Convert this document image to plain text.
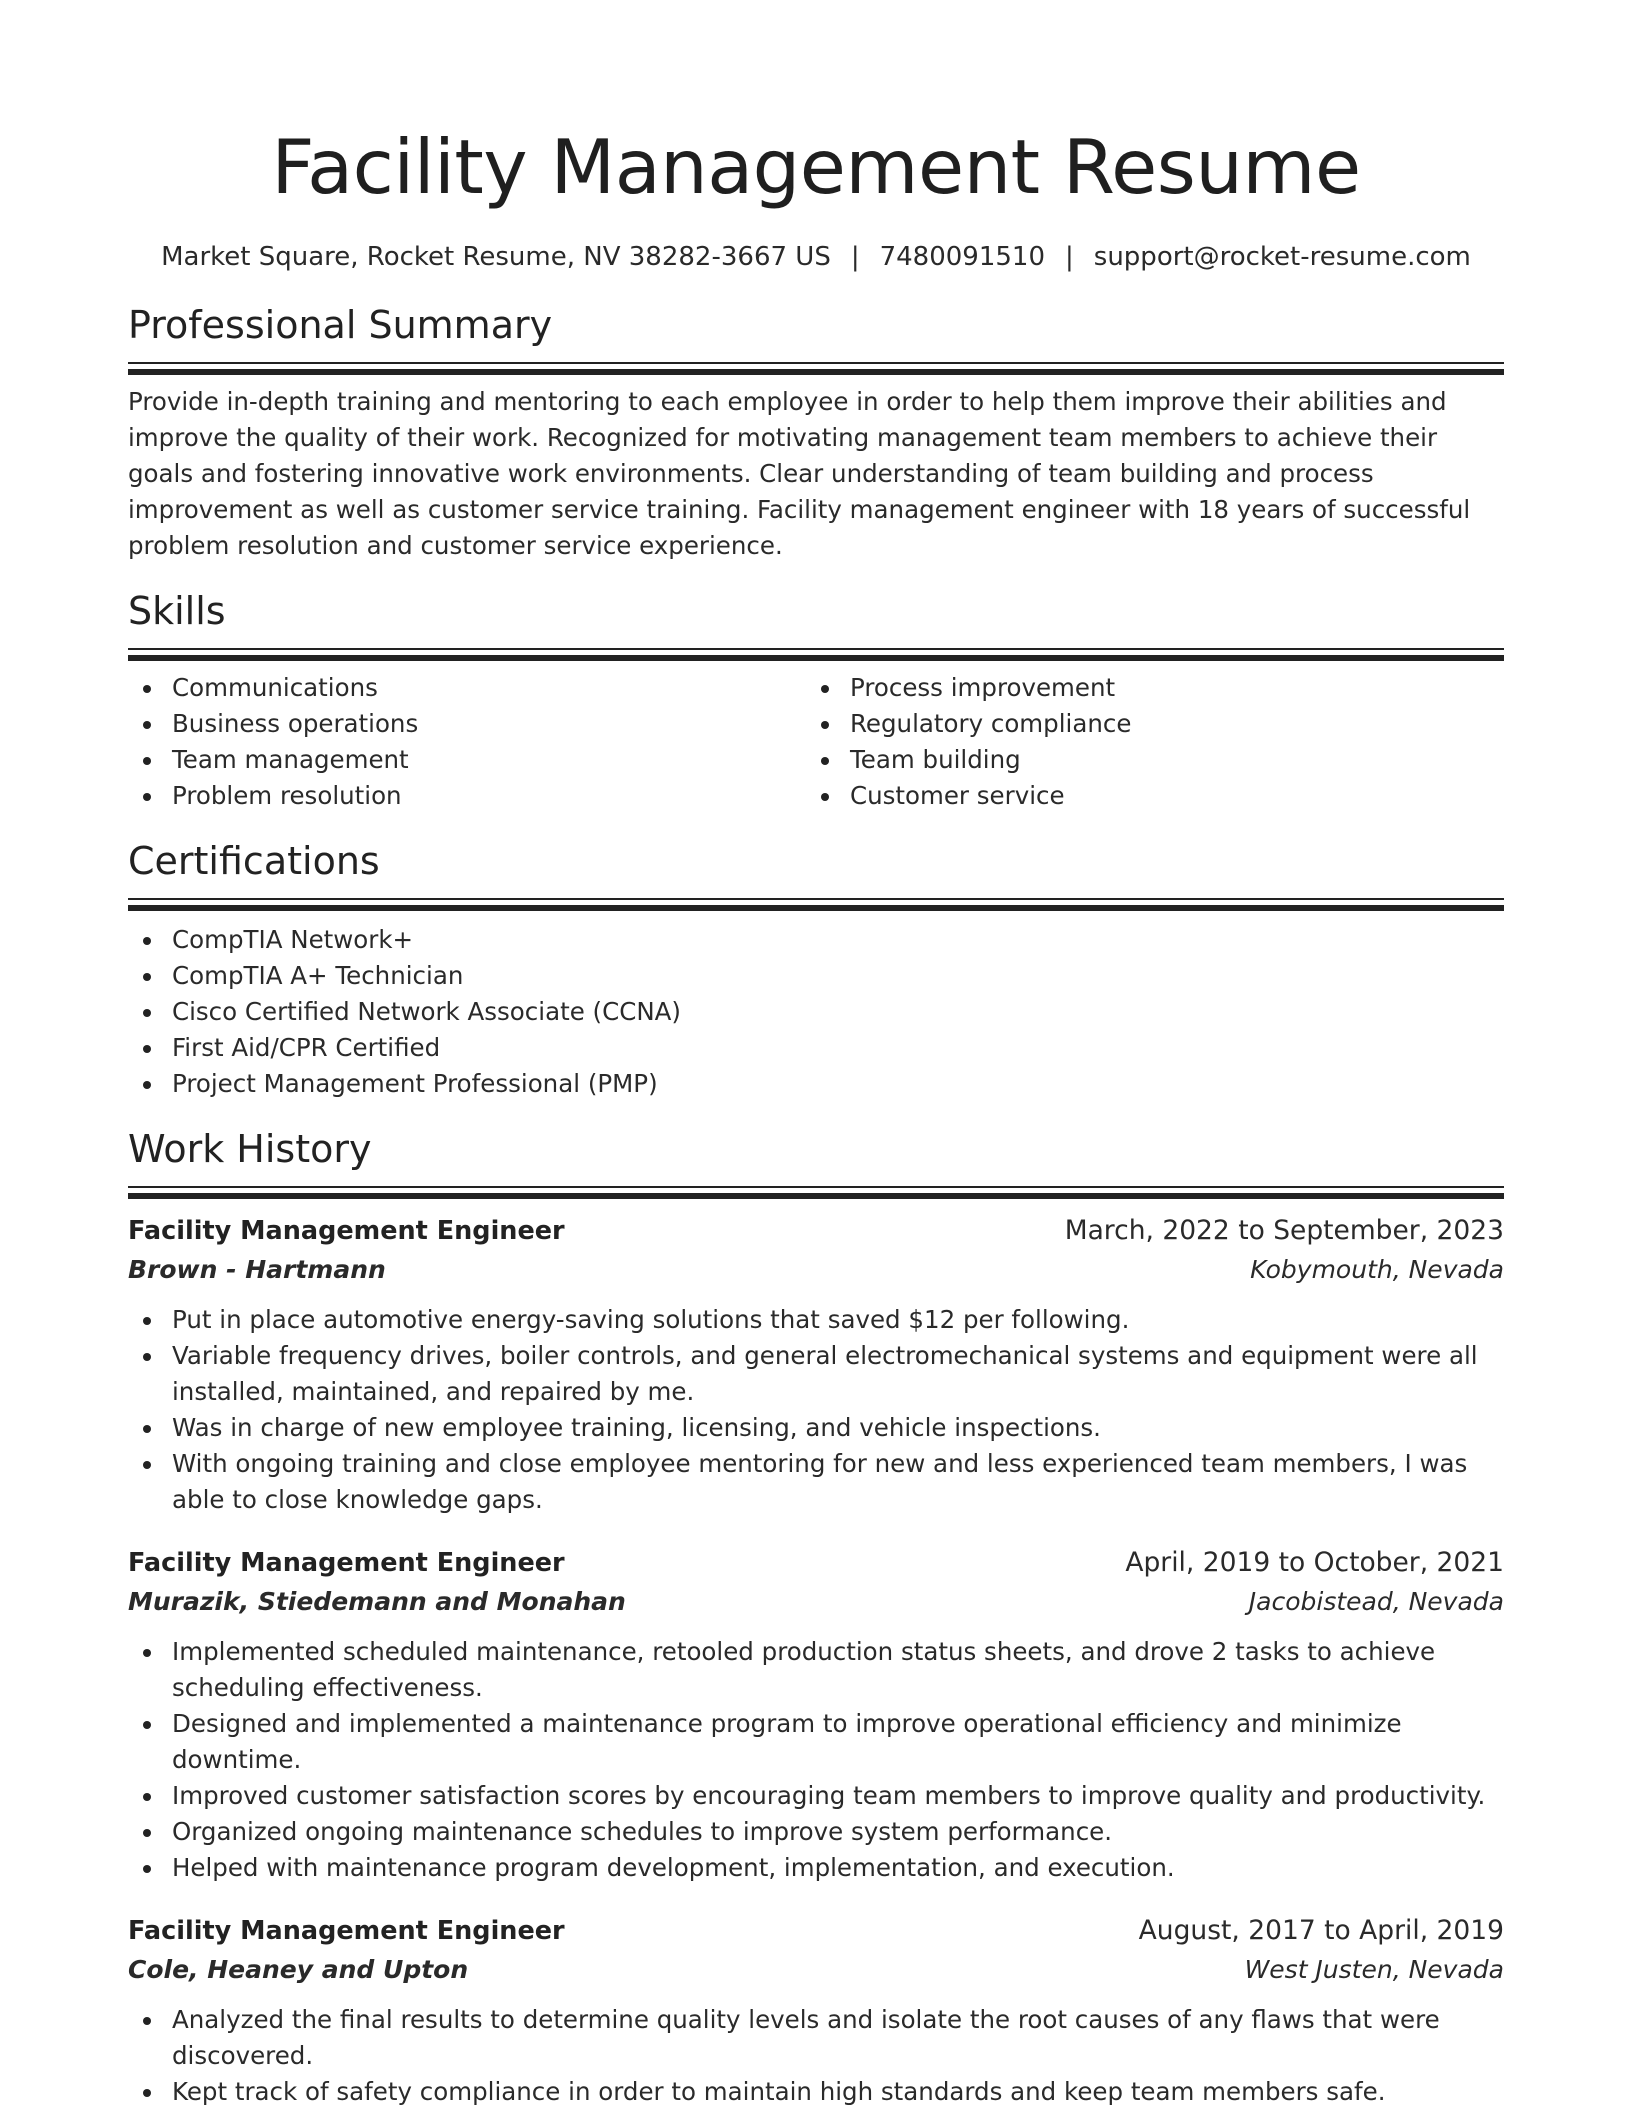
Facility Management Resume
Market Square, Rocket Resume, NV 38282-3667 US | 7480091510 | support@rocket-resume.com
Professional Summary

Provide in-depth training and mentoring to each employee in order to help them improve their abilities and improve the quality of their work. Recognized for motivating management team members to achieve their goals and fostering innovative work environments. Clear understanding of team building and process improvement as well as customer service training. Facility management engineer with 18 years of successful problem resolution and customer service experience.

Skills
Communications
Business operations
Team management
Problem resolution
Process improvement
Regulatory compliance
Team building
Customer service
Certifications
CompTIA Network+
CompTIA A+ Technician
Cisco Certified Network Associate (CCNA)
First Aid/CPR Certified
Project Management Professional (PMP)
Work History
Facility Management Engineer	March, 2022 to September, 2023
Brown - Hartmann	Kobymouth, Nevada
Put in place automotive energy-saving solutions that saved $12 per following.
Variable frequency drives, boiler controls, and general electromechanical systems and equipment were all installed, maintained, and repaired by me.
Was in charge of new employee training, licensing, and vehicle inspections.
With ongoing training and close employee mentoring for new and less experienced team members, I was able to close knowledge gaps.
Facility Management Engineer	April, 2019 to October, 2021
Murazik, Stiedemann and Monahan	Jacobistead, Nevada
Implemented scheduled maintenance, retooled production status sheets, and drove 2 tasks to achieve scheduling effectiveness.
Designed and implemented a maintenance program to improve operational efficiency and minimize downtime.
Improved customer satisfaction scores by encouraging team members to improve quality and productivity.
Organized ongoing maintenance schedules to improve system performance.
Helped with maintenance program development, implementation, and execution.
Facility Management Engineer	August, 2017 to April, 2019
Cole, Heaney and Upton	West Justen, Nevada
Analyzed the final results to determine quality levels and isolate the root causes of any flaws that were discovered.
Kept track of safety compliance in order to maintain high standards and keep team members safe.
